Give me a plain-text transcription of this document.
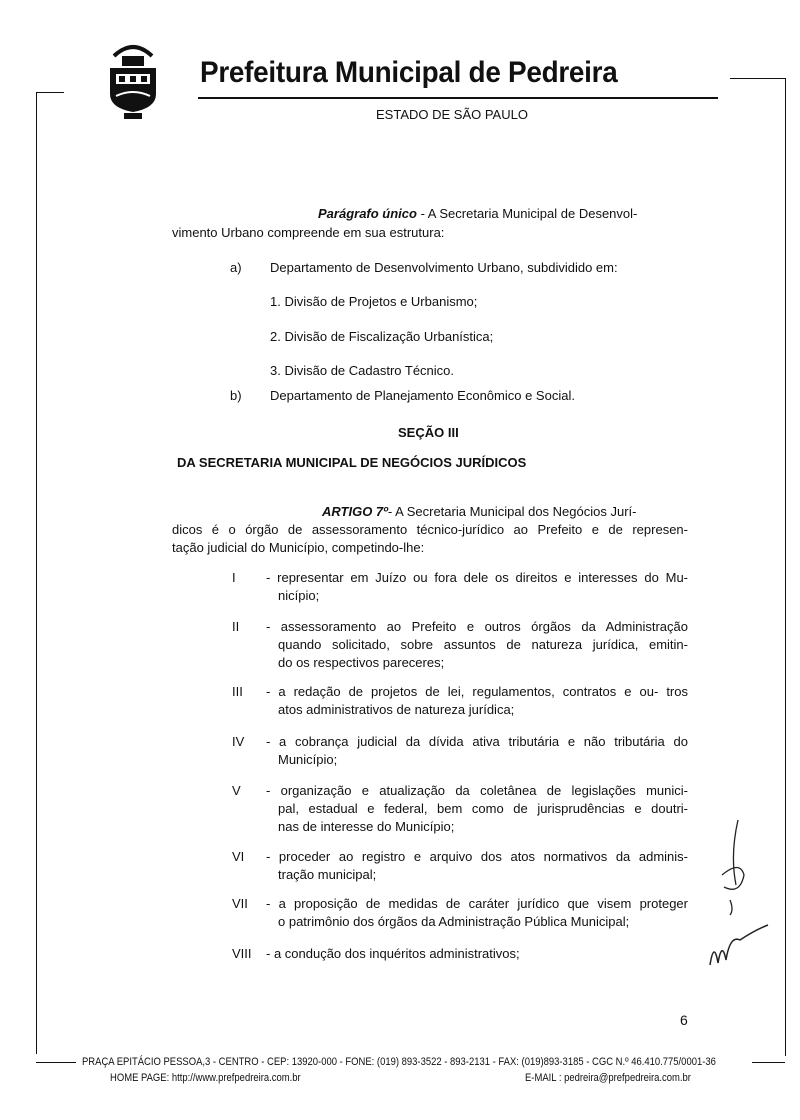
Prefeitura Municipal de Pedreira
ESTADO DE SÃO PAULO
Parágrafo único - A Secretaria Municipal de Desenvol-
vimento Urbano compreende em sua estrutura:
a) Departamento de Desenvolvimento Urbano, subdividido em:
1. Divisão de Projetos e Urbanismo;
2. Divisão de Fiscalização Urbanística;
3. Divisão de Cadastro Técnico.
b) Departamento de Planejamento Econômico e Social.
SEÇÃO III
DA SECRETARIA MUNICIPAL DE NEGÓCIOS JURÍDICOS
ARTIGO 7º- A Secretaria Municipal dos Negócios Jurí-
dicos é o órgão de assessoramento técnico-jurídico ao Prefeito e de represen-
tação judicial do Município, competindo-lhe:
I - representar em Juízo ou fora dele os direitos e interesses do Mu-
nicípio;
II - assessoramento ao Prefeito e outros órgãos da Administração
quando solicitado, sobre assuntos de natureza jurídica, emitin-
do os respectivos pareceres;
III - a redação de projetos de lei, regulamentos, contratos e ou- tros
atos administrativos de natureza jurídica;
IV - a cobrança judicial da dívida ativa tributária e não tributária do
Município;
V - organização e atualização da coletânea de legislações munici-
pal, estadual e federal, bem como de jurisprudências e doutri-
nas de interesse do Município;
VI - proceder ao registro e arquivo dos atos normativos da adminis-
tração municipal;
VII - a proposição de medidas de caráter jurídico que visem proteger
o patrimônio dos órgãos da Administração Pública Municipal;
VIII - a condução dos inquéritos administrativos;
6
PRAÇA EPITÁCIO PESSOA,3 - CENTRO - CEP: 13920-000 - FONE: (019) 893-3522 - 893-2131 - FAX: (019)893-3185 - CGC N.º 46.410.775/0001-36
HOME PAGE: http://www.prefpedreira.com.br	E-MAIL : pedreira@prefpedreira.com.br
